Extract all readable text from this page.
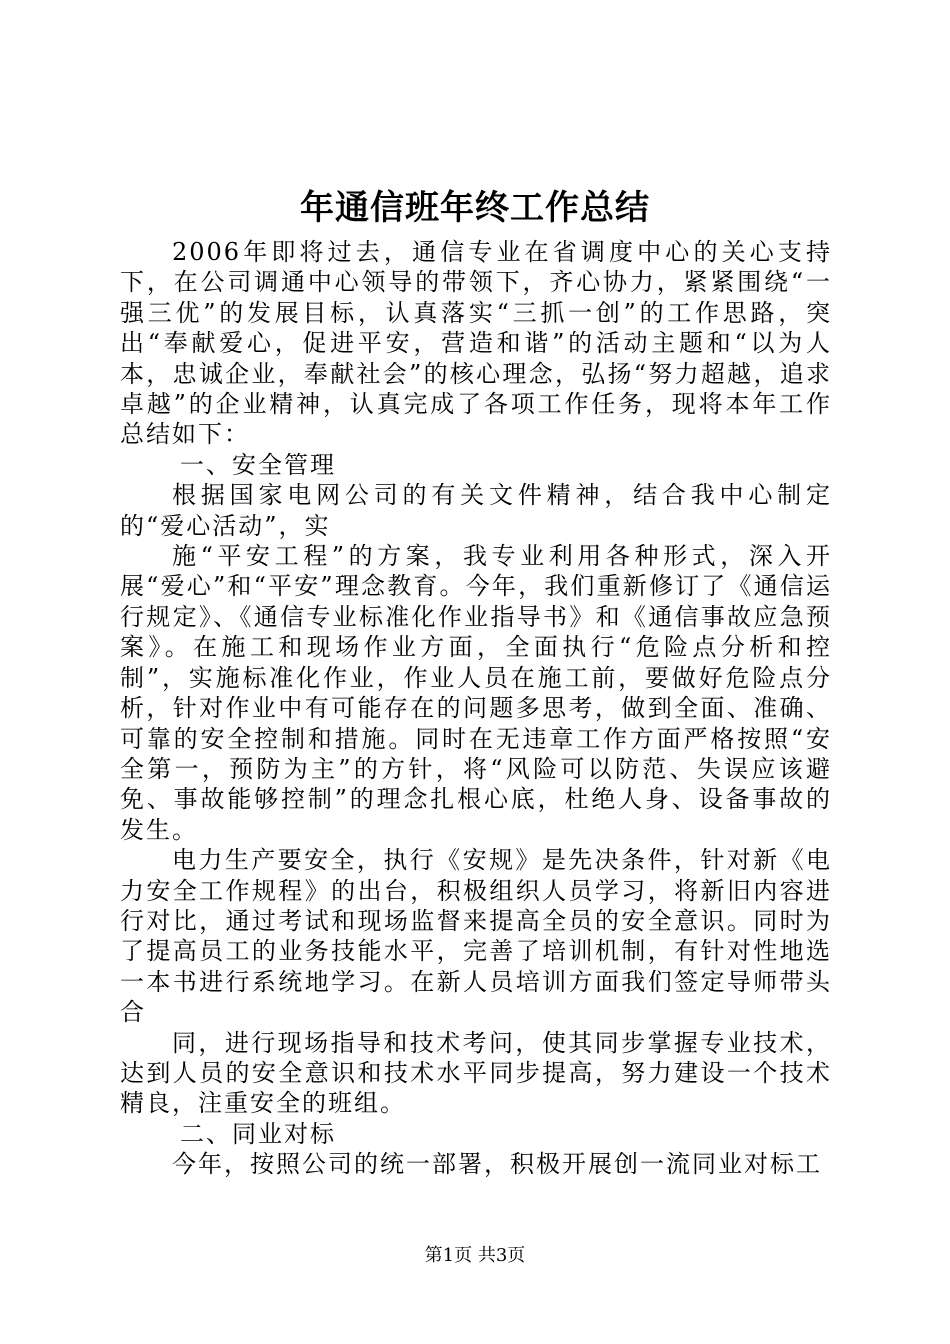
年通信班年终工作总结

2006年即将过去，通信专业在省调度中心的关心支持下，在公司调通中心领导的带领下，齐心协力，紧紧围绕“一强三优”的发展目标，认真落实“三抓一创”的工作思路，突出“奉献爱心，促进平安，营造和谐”的活动主题和“以为人本，忠诚企业，奉献社会”的核心理念，弘扬“努力超越，追求卓越”的企业精神，认真完成了各项工作任务，现将本年工作总结如下：

一、安全管理

根据国家电网公司的有关文件精神，结合我中心制定的“爱心活动”，实

施“平安工程”的方案，我专业利用各种形式，深入开展“爱心”和“平安”理念教育。今年，我们重新修订了《通信运行规定》、《通信专业标准化作业指导书》和《通信事故应急预案》。在施工和现场作业方面，全面执行“危险点分析和控制”，实施标准化作业，作业人员在施工前，要做好危险点分析，针对作业中有可能存在的问题多思考，做到全面、准确、可靠的安全控制和措施。同时在无违章工作方面严格按照“安全第一，预防为主”的方针，将“风险可以防范、失误应该避免、事故能够控制”的理念扎根心底，杜绝人身、设备事故的发生。

电力生产要安全，执行《安规》是先决条件，针对新《电力安全工作规程》的出台，积极组织人员学习，将新旧内容进行对比，通过考试和现场监督来提高全员的安全意识。同时为了提高员工的业务技能水平，完善了培训机制，有针对性地选一本书进行系统地学习。在新人员培训方面我们签定导师带头合

同，进行现场指导和技术考问，使其同步掌握专业技术，达到人员的安全意识和技术水平同步提高，努力建设一个技术精良，注重安全的班组。

二、同业对标

今年，按照公司的统一部署，积极开展创一流同业对标工

第1页 共3页
